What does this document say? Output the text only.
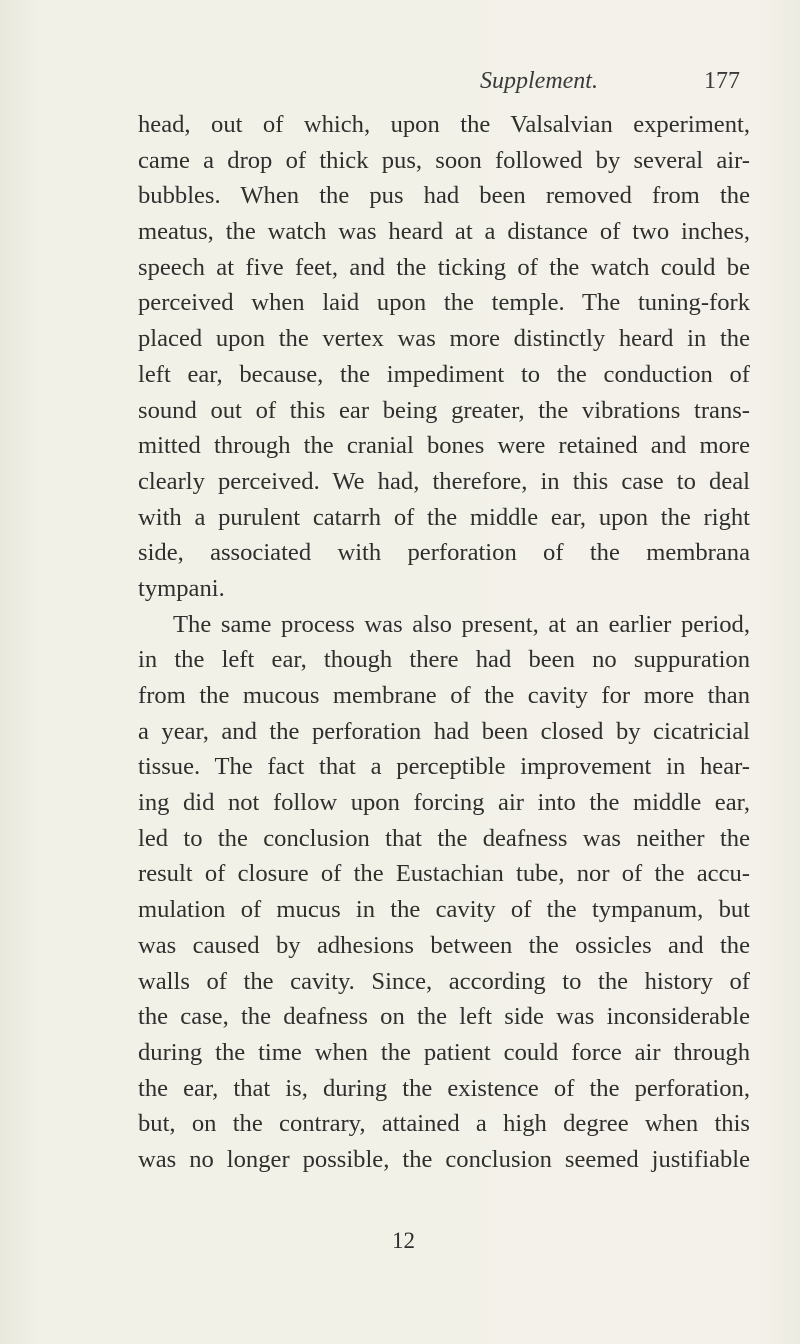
Supplement.	177
head, out of which, upon the Valsalvian experiment,
came a drop of thick pus, soon followed by several air-
bubbles. When the pus had been removed from the
meatus, the watch was heard at a distance of two inches,
speech at five feet, and the ticking of the watch could be
perceived when laid upon the temple. The tuning-fork
placed upon the vertex was more distinctly heard in the
left ear, because, the impediment to the conduction of
sound out of this ear being greater, the vibrations trans-
mitted through the cranial bones were retained and more
clearly perceived. We had, therefore, in this case to deal
with a purulent catarrh of the middle ear, upon the right
side, associated with perforation of the membrana
tympani.
The same process was also present, at an earlier period,
in the left ear, though there had been no suppuration
from the mucous membrane of the cavity for more than
a year, and the perforation had been closed by cicatricial
tissue. The fact that a perceptible improvement in hear-
ing did not follow upon forcing air into the middle ear,
led to the conclusion that the deafness was neither the
result of closure of the Eustachian tube, nor of the accu-
mulation of mucus in the cavity of the tympanum, but
was caused by adhesions between the ossicles and the
walls of the cavity. Since, according to the history of
the case, the deafness on the left side was inconsiderable
during the time when the patient could force air through
the ear, that is, during the existence of the perforation,
but, on the contrary, attained a high degree when this
was no longer possible, the conclusion seemed justifiable
12
